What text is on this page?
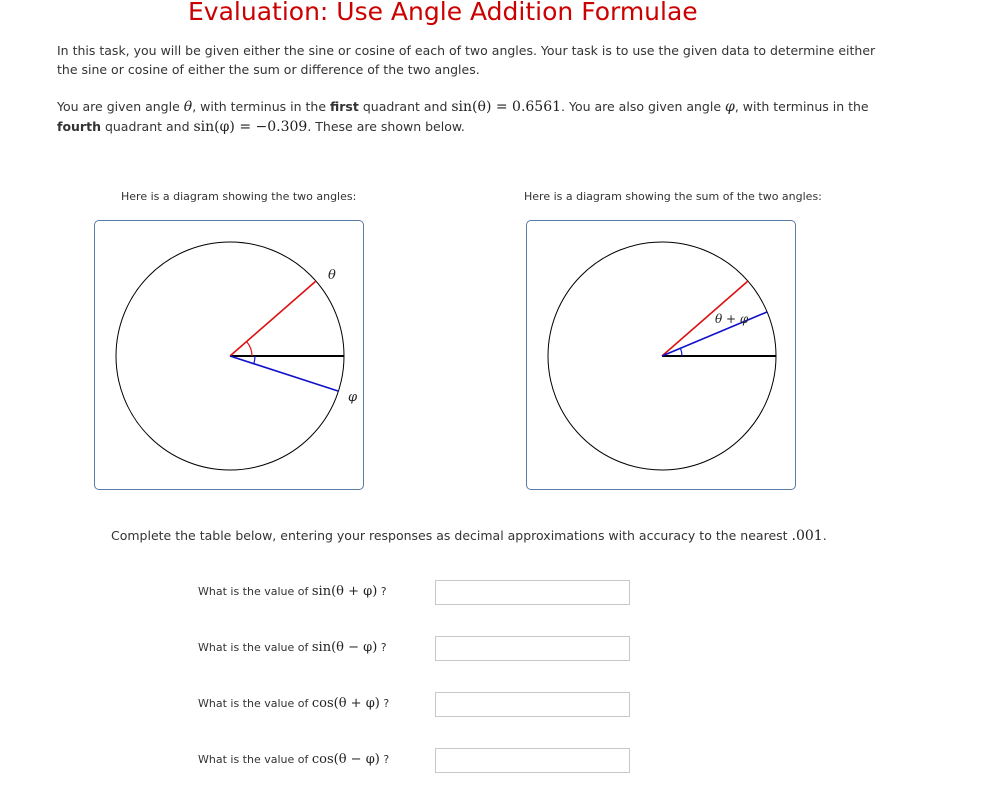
Evaluation: Use Angle Addition Formulae

In this task, you will be given either the sine or cosine of each of two angles. Your task is to use the given data to determine either the sine or cosine of either the sum or difference of the two angles.

You are given angle θ, with terminus in the first quadrant and sin(θ) = 0.6561. You are also given angle φ, with terminus in the fourth quadrant and sin(φ) = −0.309. These are shown below.

Here is a diagram showing the two angles:
θ
φ
Here is a diagram showing the sum of the two angles:
θ + φ

Complete the table below, entering your responses as decimal approximations with accuracy to the nearest .001.

What is the value of sin(θ + φ) ?
What is the value of sin(θ − φ) ?
What is the value of cos(θ + φ) ?
What is the value of cos(θ − φ) ?
